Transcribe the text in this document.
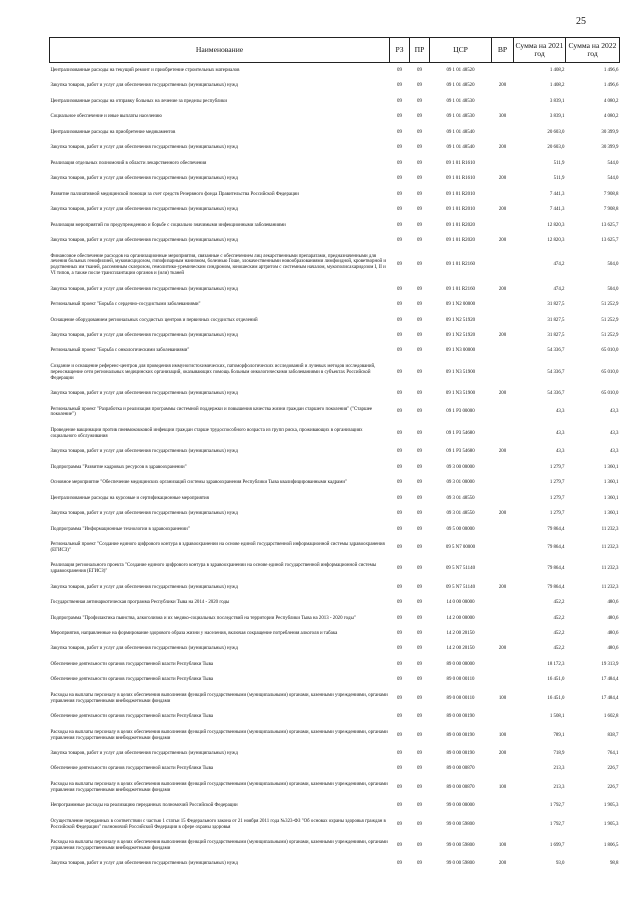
25
Наименование	РЗ	ПР	ЦСР	ВР	Сумма на 2021 год	Сумма на 2022 год
Централизованные расходы на текущий ремонт и приобретение строительных материалов	09	09	09 1 01 48520		1 408,2	1 496,6
Закупка товаров, работ и услуг для обеспечения государственных (муниципальных) нужд	09	09	09 1 01 48520	200	1 408,2	1 496,6
Централизованные расходы на отправку больных на лечение за пределы республики	09	09	09 1 01 48530		3 839,1	4 080,2
Социальное обеспечение и иные выплаты населению	09	09	09 1 01 48530	300	3 839,1	4 080,2
Централизованные расходы на приобретение медикаментов	09	09	09 1 01 48540		20 603,0	30 399,9
Закупка товаров, работ и услуг для обеспечения государственных (муниципальных) нужд	09	09	09 1 01 48540	200	20 603,0	30 399,9
Реализация отдельных полномочий в области лекарственного обеспечения	09	09	09 1 01 R1610		511,9	544,0
Закупка товаров, работ и услуг для обеспечения государственных (муниципальных) нужд	09	09	09 1 01 R1610	200	511,9	544,0
Развитие паллиативной медицинской помощи за счет средств Резервного фонда Правительства Российской Федерации	09	09	09 1 01 R2010		7 441,3	7 908,8
Закупка товаров, работ и услуг для обеспечения государственных (муниципальных) нужд	09	09	09 1 01 R2010	200	7 441,3	7 908,8
Реализация мероприятий по предупреждению и борьбе с социально значимыми инфекционными заболеваниями	09	09	09 1 01 R2020		12 820,3	13 625,7
Закупка товаров, работ и услуг для обеспечения государственных (муниципальных) нужд	09	09	09 1 01 R2020	200	12 820,3	13 625,7
Финансовое обеспечение расходов на организационные мероприятия, связанные с обеспечением лиц лекарственными препаратами, предназначенными для лечения больных гемофилией, муковисцидозом, гипофизарным нанизмом, болезнью Гоше, злокачественными новообразованиями лимфоидной, кроветворной и родственных им тканей, рассеянным склерозом, гемолитико-уремическим синдромом, юношеским артритом с системным началом, мукополисахаридозом I, II и VI типов, а также после трансплантации органов и (или) тканей	09	09	09 1 01 R2160		474,2	504,0
Закупка товаров, работ и услуг для обеспечения государственных (муниципальных) нужд	09	09	09 1 01 R2160	200	474,2	504,0
Региональный проект "Борьба с сердечно-сосудистыми заболеваниями"	09	09	09 1 N2 00000		31 827,5	51 252,9
Оснащение оборудованием региональных сосудистых центров и первичных сосудистых отделений	09	09	09 1 N2 51920		31 827,5	51 252,9
Закупка товаров, работ и услуг для обеспечения государственных (муниципальных) нужд	09	09	09 1 N2 51920	200	31 827,5	51 252,9
Региональный проект "Борьба с онкологическими заболеваниями"	09	09	09 1 N3 00000		54 336,7	65 010,0
Создание и оснащение референс-центров для проведения иммуногистохимических, патоморфологических исследований и лучевых методов исследований, переоснащение сети региональных медицинских организаций, оказывающих помощь больным онкологическими заболеваниями в субъектах Российской Федерации	09	09	09 1 N3 51900		54 336,7	65 010,0
Закупка товаров, работ и услуг для обеспечения государственных (муниципальных) нужд	09	09	09 1 N3 51900	200	54 336,7	65 010,0
Региональный проект "Разработка и реализация программы системной поддержки и повышения качества жизни граждан старшего поколения" ("Старшее поколение")	09	09	09 1 P3 00000		43,3	43,3
Проведение вакцинации против пневмококковой инфекции граждан старше трудоспособного возраста из групп риска, проживающих в организациях социального обслуживания	09	09	09 1 P3 54680		43,3	43,3
Закупка товаров, работ и услуг для обеспечения государственных (муниципальных) нужд	09	09	09 1 P3 54680	200	43,3	43,3
Подпрограмма "Развитие кадровых ресурсов в здравоохранении"	09	09	09 3 00 00000		1 279,7	1 360,1
Основное мероприятие "Обеспечение медицинских организаций системы здравоохранения Республики Тыва квалифицированными кадрами"	09	09	09 3 01 00000		1 279,7	1 360,1
Централизованные расходы на курсовые и сертификационные мероприятия	09	09	09 3 01 48550		1 279,7	1 360,1
Закупка товаров, работ и услуг для обеспечения государственных (муниципальных) нужд	09	09	09 3 01 48550	200	1 279,7	1 360,1
Подпрограмма "Информационные технологии в здравоохранении"	09	09	09 5 00 00000		79 864,4	11 232,3
Региональный проект "Создание единого цифрового контура в здравоохранении на основе единой государственной информационной системы здравоохранения (ЕГИСЗ)"	09	09	09 5 N7 00000		79 864,4	11 232,3
Реализация регионального проекта "Создание единого цифрового контура в здравоохранении на основе единой государственной информационной системы здравоохранения (ЕГИСЗ)"	09	09	09 5 N7 51140		79 864,4	11 232,3
Закупка товаров, работ и услуг для обеспечения государственных (муниципальных) нужд	09	09	09 5 N7 51140	200	79 864,4	11 232,3
Государственная антинаркотическая программа Республики Тыва на 2014 - 2020 годы	09	09	14 0 00 00000		452,2	480,6
Подпрограмма "Профилактика пьянства, алкоголизма и их медико-социальных последствий на территории Республики Тыва на 2013 - 2020 годы"	09	09	14 2 00 00000		452,2	480,6
Мероприятия, направленные на формирование здорового образа жизни у населения, включая сокращение потребления алкоголя и табака	09	09	14 2 00 20150		452,2	480,6
Закупка товаров, работ и услуг для обеспечения государственных (муниципальных) нужд	09	09	14 2 00 20150	200	452,2	480,6
Обеспечение деятельности органов государственной власти Республики Тыва	09	09	89 0 00 00000		18 172,3	19 313,9
Обеспечение деятельности органов государственной власти Республики Тыва	09	09	89 0 00 00110		16 451,0	17 484,4
Расходы на выплаты персоналу в целях обеспечения выполнения функций государственными (муниципальными) органами, казенными учреждениями, органами управления государственными внебюджетными фондами	09	09	89 0 00 00110	100	16 451,0	17 484,4
Обеспечение деятельности органов государственной власти Республики Тыва	09	09	89 0 00 00190		1 508,1	1 602,8
Расходы на выплаты персоналу в целях обеспечения выполнения функций государственными (муниципальными) органами, казенными учреждениями, органами управления государственными внебюджетными фондами	09	09	89 0 00 00190	100	789,1	838,7
Закупка товаров, работ и услуг для обеспечения государственных (муниципальных) нужд	09	09	89 0 00 00190	200	718,9	764,1
Обеспечение деятельности органов государственной власти Республики Тыва	09	09	89 0 00 00870		213,3	226,7
Расходы на выплаты персоналу в целях обеспечения выполнения функций государственными (муниципальными) органами, казенными учреждениями, органами управления государственными внебюджетными фондами	09	09	89 0 00 00870	100	213,3	226,7
Непрограммные расходы на реализацию переданных полномочий Российской Федерации	09	09	99 0 00 00000		1 792,7	1 905,3
Осуществление переданных в соответствии с частью 1 статьи 15 Федерального закона от 21 ноября 2011 года №323-ФЗ "Об основах охраны здоровья граждан в Российской Федерации" полномочий Российской Федерации в сфере охраны здоровья	09	09	99 0 00 59800		1 792,7	1 905,3
Расходы на выплаты персоналу в целях обеспечения выполнения функций государственными (муниципальными) органами, казенными учреждениями, органами управления государственными внебюджетными фондами	09	09	99 0 00 59800	100	1 699,7	1 806,5
Закупка товаров, работ и услуг для обеспечения государственных (муниципальных) нужд	09	09	99 0 00 59800	200	93,0	98,8
